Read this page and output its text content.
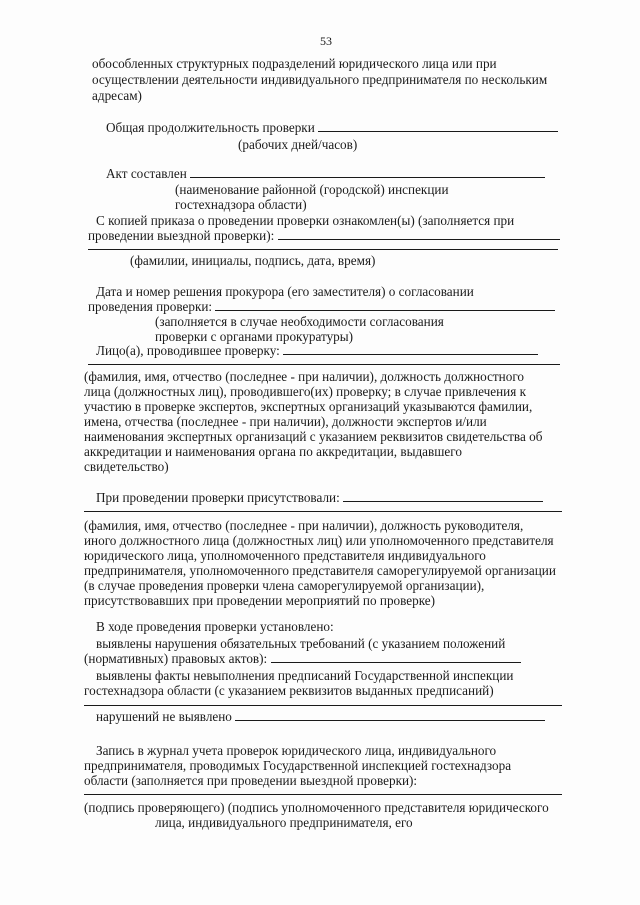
53
обособленных структурных подразделений юридического лица или при
осуществлении деятельности индивидуального предпринимателя по нескольким
адресам)
Общая продолжительность проверки
(рабочих дней/часов)
Акт составлен
(наименование районной (городской) инспекции
гостехнадзора области)
С копией приказа о проведении проверки ознакомлен(ы) (заполняется при
проведении выездной проверки):
(фамилии, инициалы, подпись, дата, время)
Дата и номер решения прокурора (его заместителя) о согласовании
проведения проверки:
(заполняется в случае необходимости согласования
проверки с органами прокуратуры)
Лицо(а), проводившее проверку:
(фамилия, имя, отчество (последнее - при наличии), должность должностного
лица (должностных лиц), проводившего(их) проверку; в случае привлечения к
участию в проверке экспертов, экспертных организаций указываются фамилии,
имена, отчества (последнее - при наличии), должности экспертов и/или
наименования экспертных организаций с указанием реквизитов свидетельства об
аккредитации и наименования органа по аккредитации, выдавшего
свидетельство)
При проведении проверки присутствовали:
(фамилия, имя, отчество (последнее - при наличии), должность руководителя,
иного должностного лица (должностных лиц) или уполномоченного представителя
юридического лица, уполномоченного представителя индивидуального
предпринимателя, уполномоченного представителя саморегулируемой организации
(в случае проведения проверки члена саморегулируемой организации),
присутствовавших при проведении мероприятий по проверке)
В ходе проведения проверки установлено:
выявлены нарушения обязательных требований (с указанием положений
(нормативных) правовых актов):
выявлены факты невыполнения предписаний Государственной инспекции
гостехнадзора области (с указанием реквизитов выданных предписаний)
нарушений не выявлено
Запись в журнал учета проверок юридического лица, индивидуального
предпринимателя, проводимых Государственной инспекцией гостехнадзора
области (заполняется при проведении выездной проверки):
(подпись проверяющего) (подпись уполномоченного представителя юридического
лица, индивидуального предпринимателя, его
